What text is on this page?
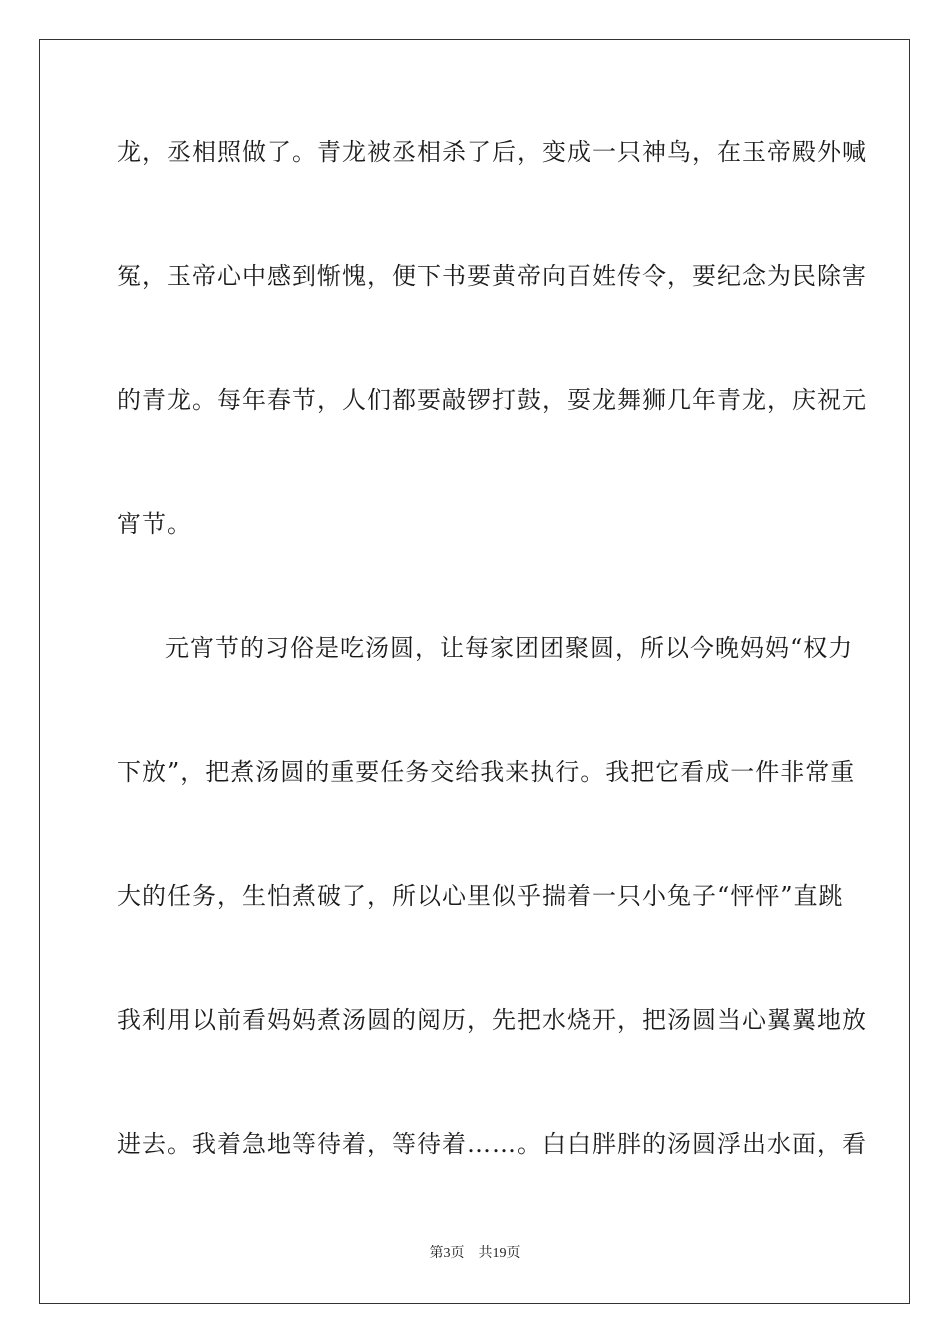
龙，丞相照做了。青龙被丞相杀了后，变成一只神鸟，在玉帝殿外喊
冤，玉帝心中感到惭愧，便下书要黄帝向百姓传令，要纪念为民除害
的青龙。每年春节，人们都要敲锣打鼓，耍龙舞狮几年青龙，庆祝元
宵节。
元宵节的习俗是吃汤圆，让每家团团聚圆，所以今晚妈妈“权力
下放”，把煮汤圆的重要任务交给我来执行。我把它看成一件非常重
大的任务，生怕煮破了，所以心里似乎揣着一只小兔子“怦怦”直跳
我利用以前看妈妈煮汤圆的阅历，先把水烧开，把汤圆当心翼翼地放
进去。我着急地等待着，等待着……。白白胖胖的汤圆浮出水面，看
第3页 共19页
